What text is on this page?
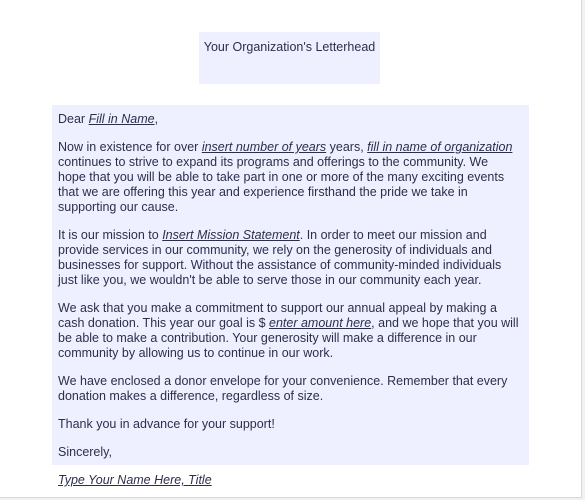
Your Organization's Letterhead

Dear Fill in Name,

Now in existence for over insert number of years years, fill in name of organization continues to strive to expand its programs and offerings to the community. We hope that you will be able to take part in one or more of the many exciting events that we are offering this year and experience firsthand the pride we take in supporting our cause.

It is our mission to Insert Mission Statement. In order to meet our mission and provide services in our community, we rely on the generosity of individuals and businesses for support. Without the assistance of community-minded individuals just like you, we wouldn't be able to serve those in our community each year.

We ask that you make a commitment to support our annual appeal by making a cash donation. This year our goal is $ enter amount here, and we hope that you will be able to make a contribution. Your generosity will make a difference in our community by allowing us to continue in our work.

We have enclosed a donor envelope for your convenience. Remember that every donation makes a difference, regardless of size.

Thank you in advance for your support!

Sincerely,

Type Your Name Here, Title
